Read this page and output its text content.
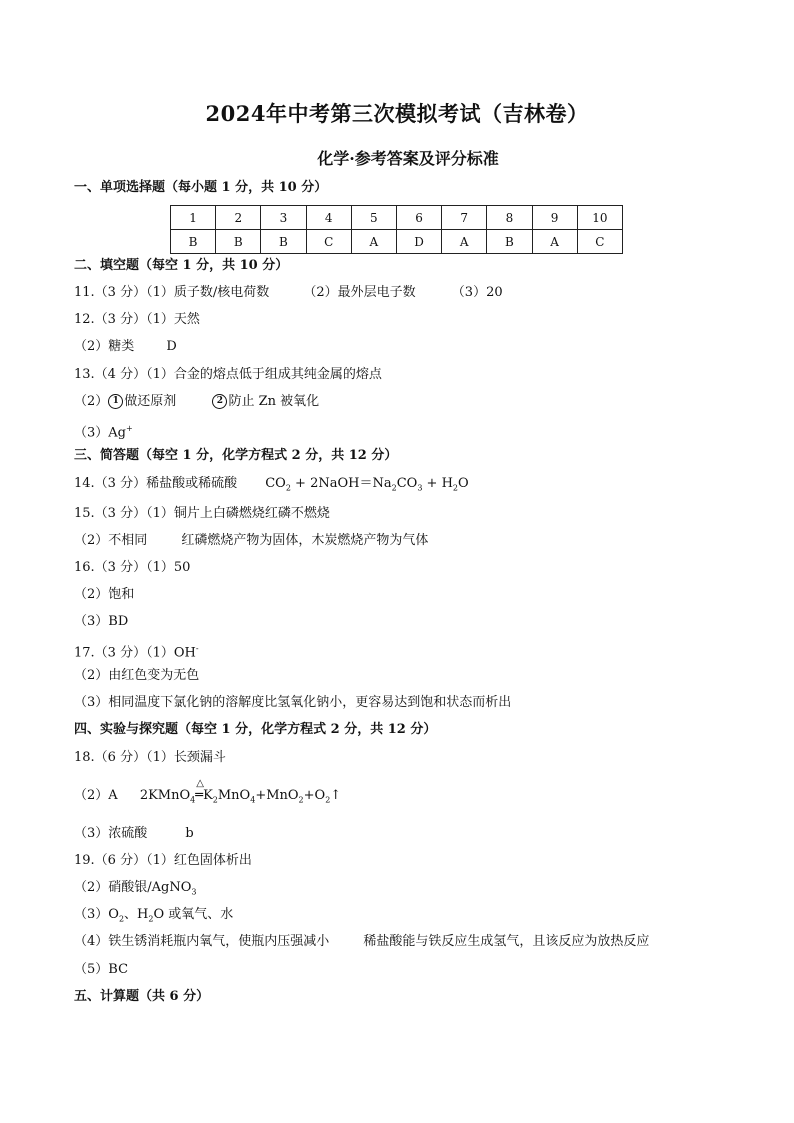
2024年中考第三次模拟考试（吉林卷）
化学·参考答案及评分标准
一、单项选择题（每小题 1 分，共 10 分）
1	2	3	4	5	6	7	8	9	10
B	B	B	C	A	D	A	B	A	C
二、填空题（每空 1 分，共 10 分）
11.（3 分）（1）质子数/核电荷数	（2）最外层电子数	（3）20
12.（3 分）（1）天然
（2）糖类 D
13.（4 分）（1）合金的熔点低于组成其纯金属的熔点
（2） 1 做还原剂	2 防止 Zn 被氧化
（3）Ag+
三、简答题（每空 1 分，化学方程式 2 分，共 12 分）
14.（3 分）稀盐酸或稀硫酸 $CO_2$ + $2NaOH=Na_2CO_3 + H_2O$
15.（3 分）（1）铜片上白磷燃烧红磷不燃烧
（2）不相同	红磷燃烧产物为固体，木炭燃烧产物为气体
16.（3 分）（1）50
（2）饱和
（3）BD
17.（3 分）（1）OH-
（2）由红色变为无色
（3）相同温度下氯化钠的溶解度比氢氧化钠小，更容易达到饱和状态而析出
四、实验与探究题（每空 1 分，化学方程式 2 分，共 12 分）
18.（6 分）（1）长颈漏斗
（2）A 2KMnO$_4$
△
$═K_2MnO_4+MnO_2+O_2↑$
（3）浓硫酸	b
19.（6 分）（1）红色固体析出
（2）硝酸银/AgNO$_3$
$(3)O_2$、$H_2O$ 或氧气、水
（4）铁生锈消耗瓶内氧气，使瓶内压强减小	稀盐酸能与铁反应生成氢气，且该反应为放热反应
（5）BC
五、计算题（共 6 分）
